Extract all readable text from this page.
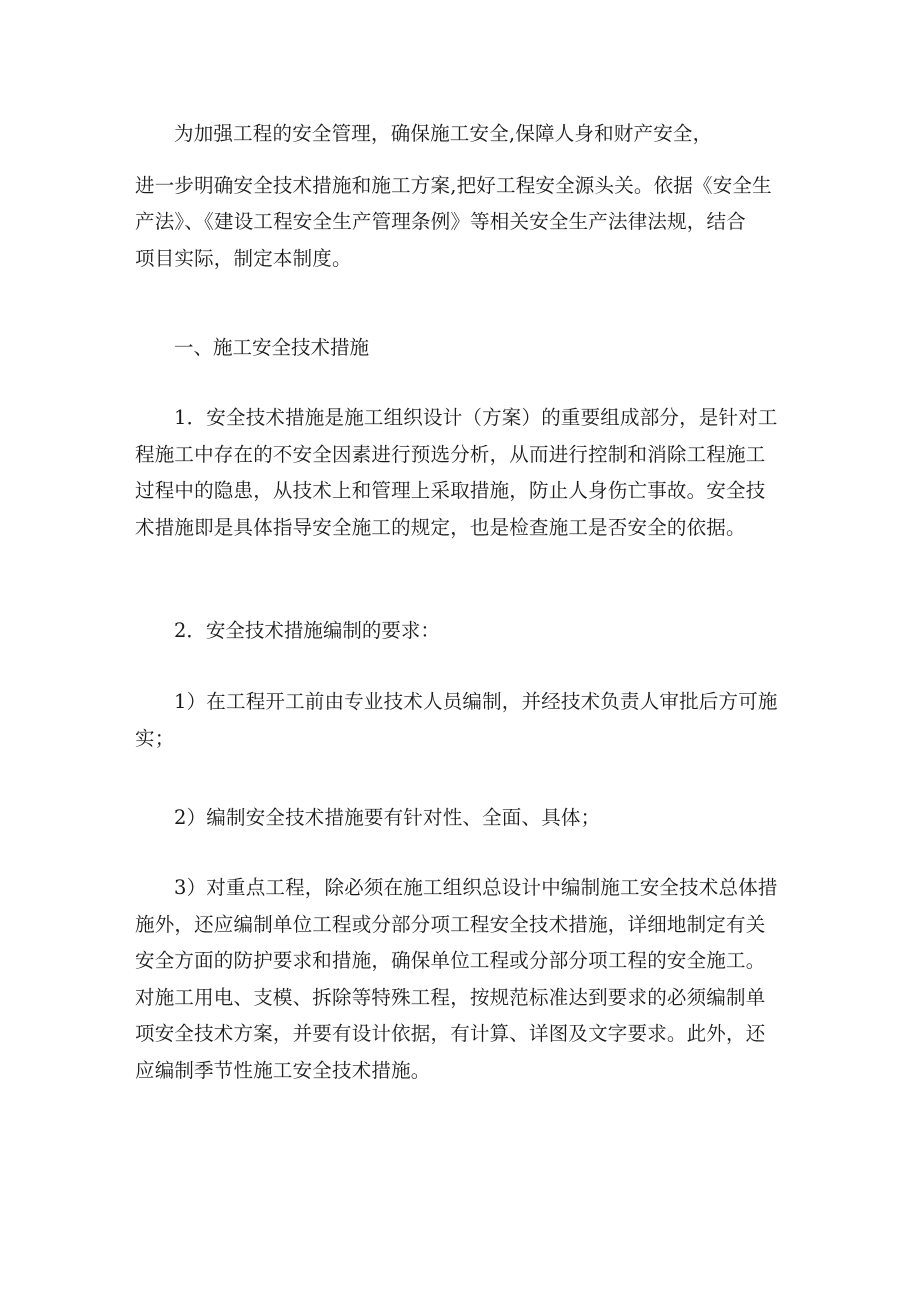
为加强工程的安全管理，确保施工安全,保障人身和财产安全，
进一步明确安全技术措施和施工方案,把好工程安全源头关。依据《安全生
产法》、《建设工程安全生产管理条例》等相关安全生产法律法规，结合
项目实际，制定本制度。
一、施工安全技术措施
1．安全技术措施是施工组织设计（方案）的重要组成部分，是针对工
程施工中存在的不安全因素进行预选分析，从而进行控制和消除工程施工
过程中的隐患，从技术上和管理上采取措施，防止人身伤亡事故。安全技
术措施即是具体指导安全施工的规定，也是检查施工是否安全的依据。
2．安全技术措施编制的要求：
1）在工程开工前由专业技术人员编制，并经技术负责人审批后方可施
实；
2）编制安全技术措施要有针对性、全面、具体；
3）对重点工程，除必须在施工组织总设计中编制施工安全技术总体措
施外，还应编制单位工程或分部分项工程安全技术措施，详细地制定有关
安全方面的防护要求和措施，确保单位工程或分部分项工程的安全施工。
对施工用电、支模、拆除等特殊工程，按规范标准达到要求的必须编制单
项安全技术方案，并要有设计依据，有计算、详图及文字要求。此外，还
应编制季节性施工安全技术措施。
